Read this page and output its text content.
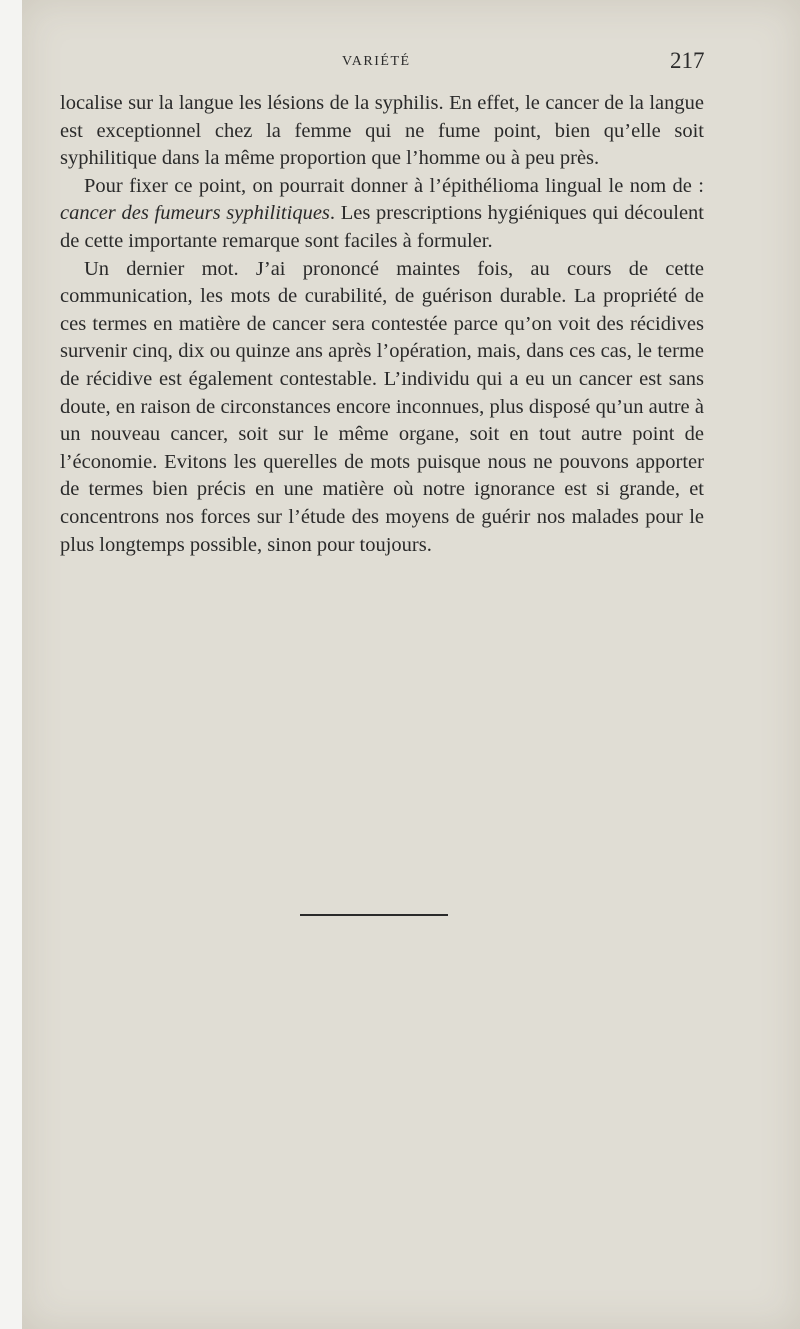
VARIÉTÉ	217

localise sur la langue les lésions de la syphilis. En effet, le cancer de la langue est exceptionnel chez la femme qui ne fume point, bien qu’elle soit syphilitique dans la même proportion que l’homme ou à peu près.

Pour fixer ce point, on pourrait donner à l’épithélioma lingual le nom de : cancer des fumeurs syphilitiques. Les prescriptions hygiéniques qui découlent de cette importante remarque sont faciles à formuler.

Un dernier mot. J’ai prononcé maintes fois, au cours de cette communication, les mots de curabilité, de guérison durable. La propriété de ces termes en matière de cancer sera contestée parce qu’on voit des récidives survenir cinq, dix ou quinze ans après l’opération, mais, dans ces cas, le terme de récidive est également contestable. L’individu qui a eu un cancer est sans doute, en raison de circonstances encore inconnues, plus disposé qu’un autre à un nouveau cancer, soit sur le même organe, soit en tout autre point de l’économie. Evitons les querelles de mots puisque nous ne pouvons apporter de termes bien précis en une matière où notre ignorance est si grande, et concentrons nos forces sur l’étude des moyens de guérir nos malades pour le plus longtemps possible, sinon pour toujours.
